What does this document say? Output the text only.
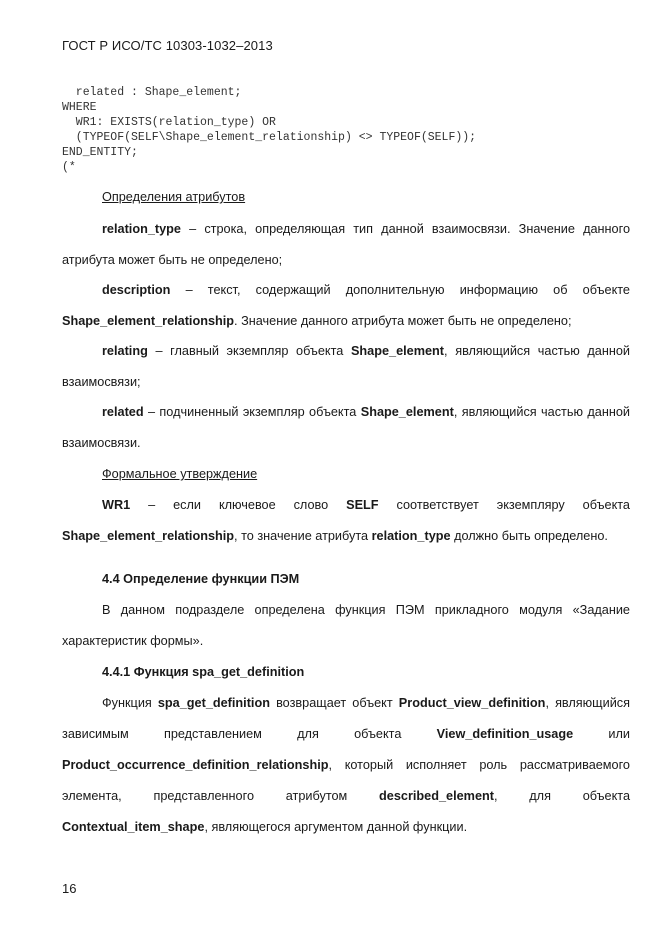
ГОСТ Р ИСО/ТС 10303-1032–2013
related : Shape_element;
WHERE
WR1: EXISTS(relation_type) OR
(TYPEOF(SELF\Shape_element_relationship) <> TYPEOF(SELF));
END_ENTITY;
(*
Определения атрибутов
relation_type – строка, определяющая тип данной взаимосвязи. Значение данного атрибута может быть не определено;
description – текст, содержащий дополнительную информацию об объекте Shape_element_relationship. Значение данного атрибута может быть не определено;
relating – главный экземпляр объекта Shape_element, являющийся частью данной взаимосвязи;
related – подчиненный экземпляр объекта Shape_element, являющийся частью данной взаимосвязи.
Формальное утверждение
WR1 – если ключевое слово SELF соответствует экземпляру объекта Shape_element_relationship, то значение атрибута relation_type должно быть определено.
4.4 Определение функции ПЭМ
В данном подразделе определена функция ПЭМ прикладного модуля «Задание характеристик формы».
4.4.1 Функция spa_get_definition
Функция spa_get_definition возвращает объект Product_view_definition, являющийся зависимым представлением для объекта View_definition_usage или Product_occurrence_definition_relationship, который исполняет роль рассматриваемого элемента, представленного атрибутом described_element, для объекта Contextual_item_shape, являющегося аргументом данной функции.
16
